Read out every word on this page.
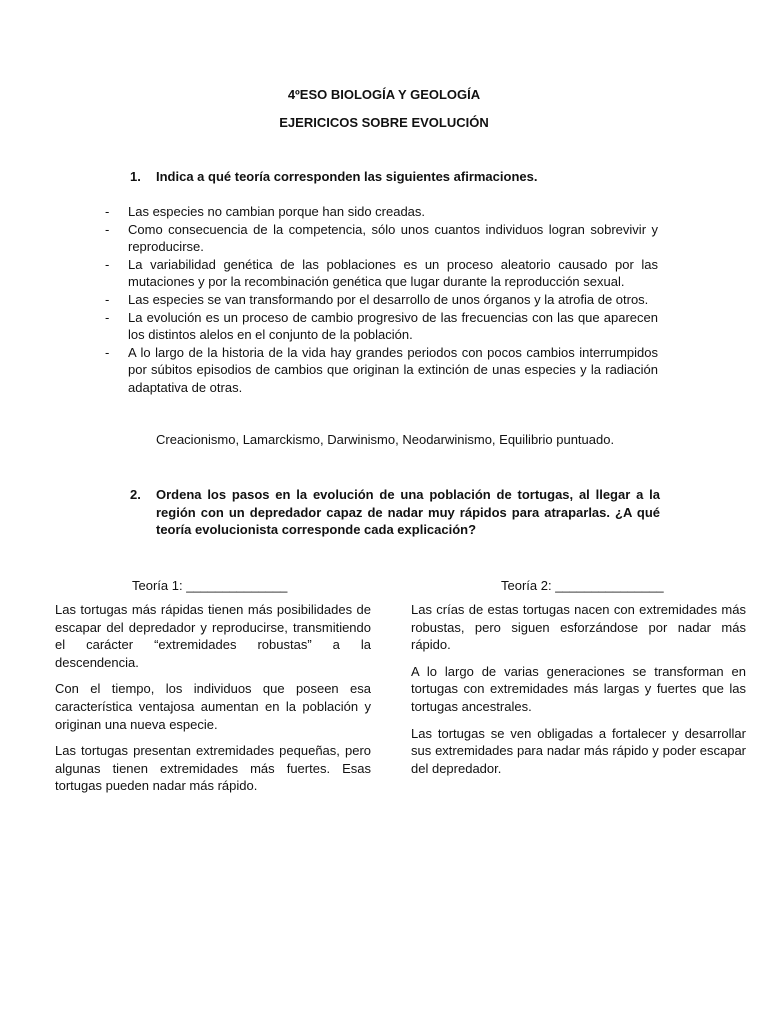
4ºESO BIOLOGÍA Y GEOLOGÍA
EJERICICOS SOBRE EVOLUCIÓN
1. Indica a qué teoría corresponden las siguientes afirmaciones.
- Las especies no cambian porque han sido creadas.
- Como consecuencia de la competencia, sólo unos cuantos individuos logran sobrevivir y reproducirse.
- La variabilidad genética de las poblaciones es un proceso aleatorio causado por las mutaciones y por la recombinación genética que lugar durante la reproducción sexual.
- Las especies se van transformando por el desarrollo de unos órganos y la atrofia de otros.
- La evolución es un proceso de cambio progresivo de las frecuencias con las que aparecen los distintos alelos en el conjunto de la población.
- A lo largo de la historia de la vida hay grandes periodos con pocos cambios interrumpidos por súbitos episodios de cambios que originan la extinción de unas especies y la radiación adaptativa de otras.
Creacionismo, Lamarckismo, Darwinismo, Neodarwinismo, Equilibrio puntuado.
2. Ordena los pasos en la evolución de una población de tortugas, al llegar a la región con un depredador capaz de nadar muy rápidos para atraparlas. ¿A qué teoría evolucionista corresponde cada explicación?
Teoría 1: ______________	Teoría 2: _______________

Las tortugas más rápidas tienen más posibilidades de escapar del depredador y reproducirse, transmitiendo el carácter “extremidades robustas” a la descendencia.

Con el tiempo, los individuos que poseen esa característica ventajosa aumentan en la población y originan una nueva especie.

Las tortugas presentan extremidades pequeñas, pero algunas tienen extremidades más fuertes. Esas tortugas pueden nadar más rápido.

Las crías de estas tortugas nacen con extremidades más robustas, pero siguen esforzándose por nadar más rápido.

A lo largo de varias generaciones se transforman en tortugas con extremidades más largas y fuertes que las tortugas ancestrales.

Las tortugas se ven obligadas a fortalecer y desarrollar sus extremidades para nadar más rápido y poder escapar del depredador.
